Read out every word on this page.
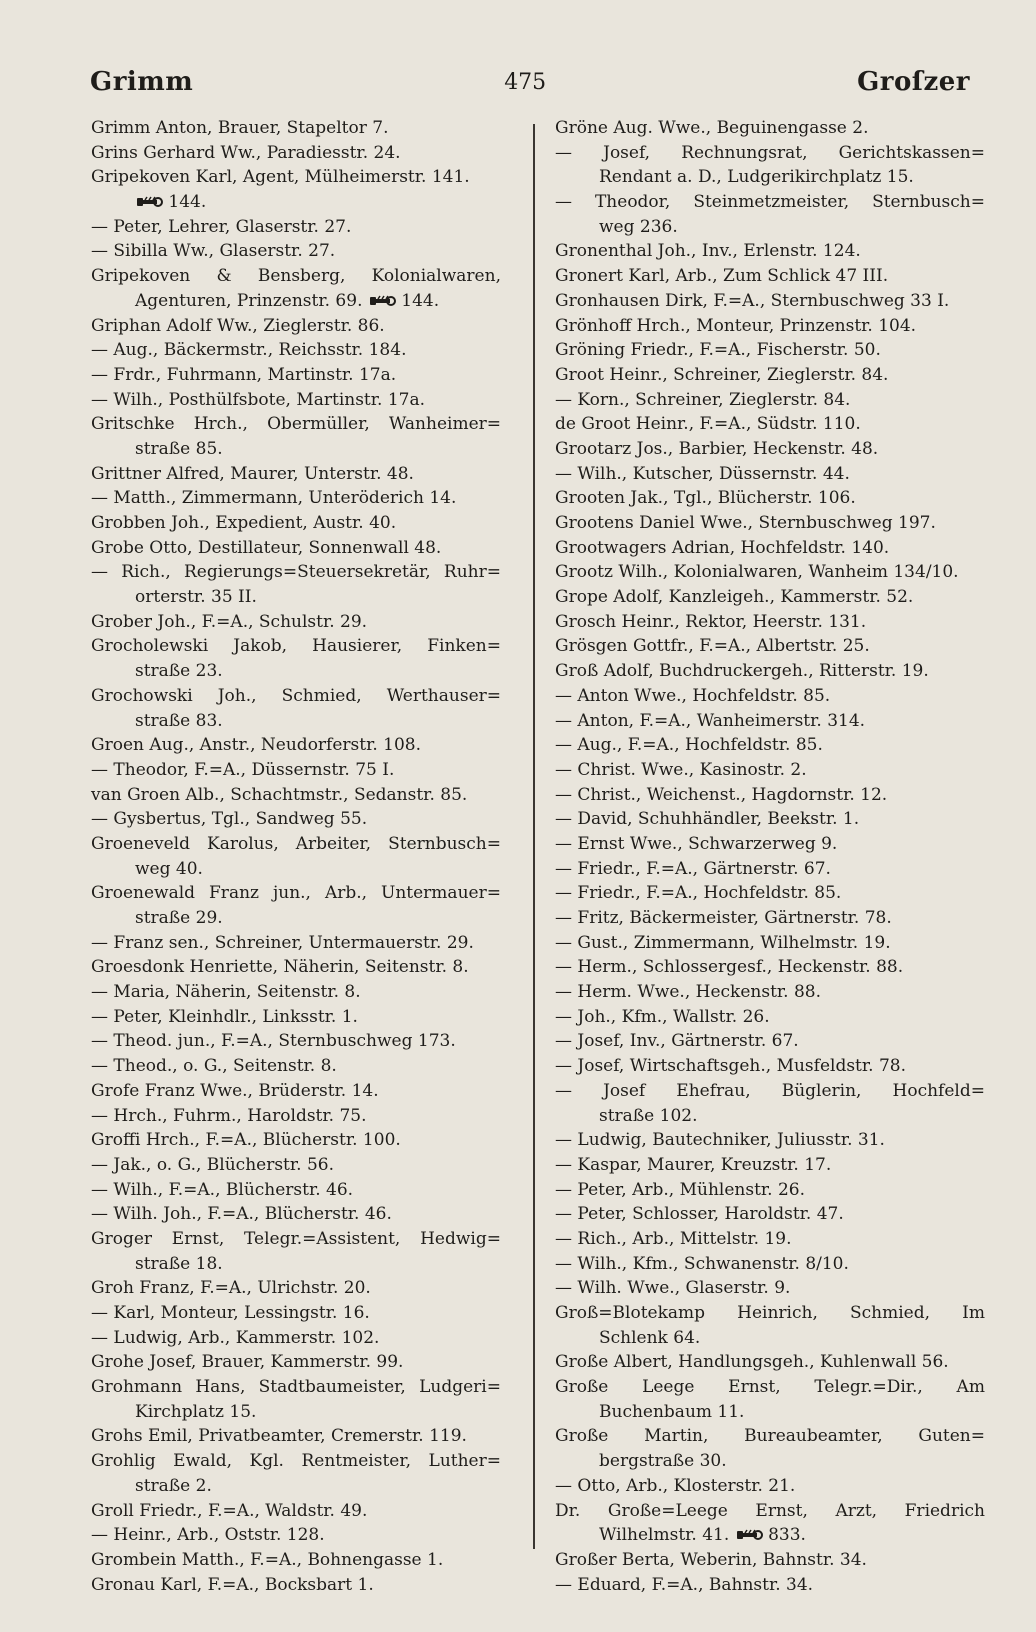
Grimm	475	Groſzer
Grimm Anton, Brauer, Stapeltor 7.
Grins Gerhard Ww., Paradiesstr. 24.
Gripekoven Karl, Agent, Mülheimerstr. 141.
144.
— Peter, Lehrer, Glaserstr. 27.
— Sibilla Ww., Glaserstr. 27.
Gripekoven & Bensberg, Kolonialwaren,
Agenturen, Prinzenstr. 69.  144.
Griphan Adolf Ww., Zieglerstr. 86.
— Aug., Bäckermstr., Reichsstr. 184.
— Frdr., Fuhrmann, Martinstr. 17a.
— Wilh., Posthülfsbote, Martinstr. 17a.
Gritschke Hrch., Obermüller, Wanheimer=
straße 85.
Grittner Alfred, Maurer, Unterstr. 48.
— Matth., Zimmermann, Unteröderich 14.
Grobben Joh., Expedient, Austr. 40.
Grobe Otto, Destillateur, Sonnenwall 48.
— Rich., Regierungs=Steuersekretär, Ruhr=
orterstr. 35 II.
Grober Joh., F.=A., Schulstr. 29.
Grocholewski Jakob, Hausierer, Finken=
straße 23.
Grochowski Joh., Schmied, Werthauser=
straße 83.
Groen Aug., Anstr., Neudorferstr. 108.
— Theodor, F.=A., Düssernstr. 75 I.
van Groen Alb., Schachtmstr., Sedanstr. 85.
— Gysbertus, Tgl., Sandweg 55.
Groeneveld Karolus, Arbeiter, Sternbusch=
weg 40.
Groenewald Franz jun., Arb., Untermauer=
straße 29.
— Franz sen., Schreiner, Untermauerstr. 29.
Groesdonk Henriette, Näherin, Seitenstr. 8.
— Maria, Näherin, Seitenstr. 8.
— Peter, Kleinhdlr., Linksstr. 1.
— Theod. jun., F.=A., Sternbuschweg 173.
— Theod., o. G., Seitenstr. 8.
Grofe Franz Wwe., Brüderstr. 14.
— Hrch., Fuhrm., Haroldstr. 75.
Groffi Hrch., F.=A., Blücherstr. 100.
— Jak., o. G., Blücherstr. 56.
— Wilh., F.=A., Blücherstr. 46.
— Wilh. Joh., F.=A., Blücherstr. 46.
Groger Ernst, Telegr.=Assistent, Hedwig=
straße 18.
Groh Franz, F.=A., Ulrichstr. 20.
— Karl, Monteur, Lessingstr. 16.
— Ludwig, Arb., Kammerstr. 102.
Grohe Josef, Brauer, Kammerstr. 99.
Grohmann Hans, Stadtbaumeister, Ludgeri=
Kirchplatz 15.
Grohs Emil, Privatbeamter, Cremerstr. 119.
Grohlig Ewald, Kgl. Rentmeister, Luther=
straße 2.
Groll Friedr., F.=A., Waldstr. 49.
— Heinr., Arb., Oststr. 128.
Grombein Matth., F.=A., Bohnengasse 1.
Gronau Karl, F.=A., Bocksbart 1.
Gröne Aug. Wwe., Beguinengasse 2.
— Josef, Rechnungsrat, Gerichtskassen=
Rendant a. D., Ludgerikirchplatz 15.
— Theodor, Steinmetzmeister, Sternbusch=
weg 236.
Gronenthal Joh., Inv., Erlenstr. 124.
Gronert Karl, Arb., Zum Schlick 47 III.
Gronhausen Dirk, F.=A., Sternbuschweg 33 I.
Grönhoff Hrch., Monteur, Prinzenstr. 104.
Gröning Friedr., F.=A., Fischerstr. 50.
Groot Heinr., Schreiner, Zieglerstr. 84.
— Korn., Schreiner, Zieglerstr. 84.
de Groot Heinr., F.=A., Südstr. 110.
Grootarz Jos., Barbier, Heckenstr. 48.
— Wilh., Kutscher, Düssernstr. 44.
Grooten Jak., Tgl., Blücherstr. 106.
Grootens Daniel Wwe., Sternbuschweg 197.
Grootwagers Adrian, Hochfeldstr. 140.
Grootz Wilh., Kolonialwaren, Wanheim 134/10.
Grope Adolf, Kanzleigeh., Kammerstr. 52.
Grosch Heinr., Rektor, Heerstr. 131.
Grösgen Gottfr., F.=A., Albertstr. 25.
Groß Adolf, Buchdruckergeh., Ritterstr. 19.
— Anton Wwe., Hochfeldstr. 85.
— Anton, F.=A., Wanheimerstr. 314.
— Aug., F.=A., Hochfeldstr. 85.
— Christ. Wwe., Kasinostr. 2.
— Christ., Weichenst., Hagdornstr. 12.
— David, Schuhhändler, Beekstr. 1.
— Ernst Wwe., Schwarzerweg 9.
— Friedr., F.=A., Gärtnerstr. 67.
— Friedr., F.=A., Hochfeldstr. 85.
— Fritz, Bäckermeister, Gärtnerstr. 78.
— Gust., Zimmermann, Wilhelmstr. 19.
— Herm., Schlossergesf., Heckenstr. 88.
— Herm. Wwe., Heckenstr. 88.
— Joh., Kfm., Wallstr. 26.
— Josef, Inv., Gärtnerstr. 67.
— Josef, Wirtschaftsgeh., Musfeldstr. 78.
— Josef Ehefrau, Büglerin, Hochfeld=
straße 102.
— Ludwig, Bautechniker, Juliusstr. 31.
— Kaspar, Maurer, Kreuzstr. 17.
— Peter, Arb., Mühlenstr. 26.
— Peter, Schlosser, Haroldstr. 47.
— Rich., Arb., Mittelstr. 19.
— Wilh., Kfm., Schwanenstr. 8/10.
— Wilh. Wwe., Glaserstr. 9.
Groß=Blotekamp Heinrich, Schmied, Im
Schlenk 64.
Große Albert, Handlungsgeh., Kuhlenwall 56.
Große Leege Ernst, Telegr.=Dir., Am
Buchenbaum 11.
Große Martin, Bureaubeamter, Guten=
bergstraße 30.
— Otto, Arb., Klosterstr. 21.
Dr. Große=Leege Ernst, Arzt, Friedrich
Wilhelmstr. 41.  833.
Großer Berta, Weberin, Bahnstr. 34.
— Eduard, F.=A., Bahnstr. 34.
